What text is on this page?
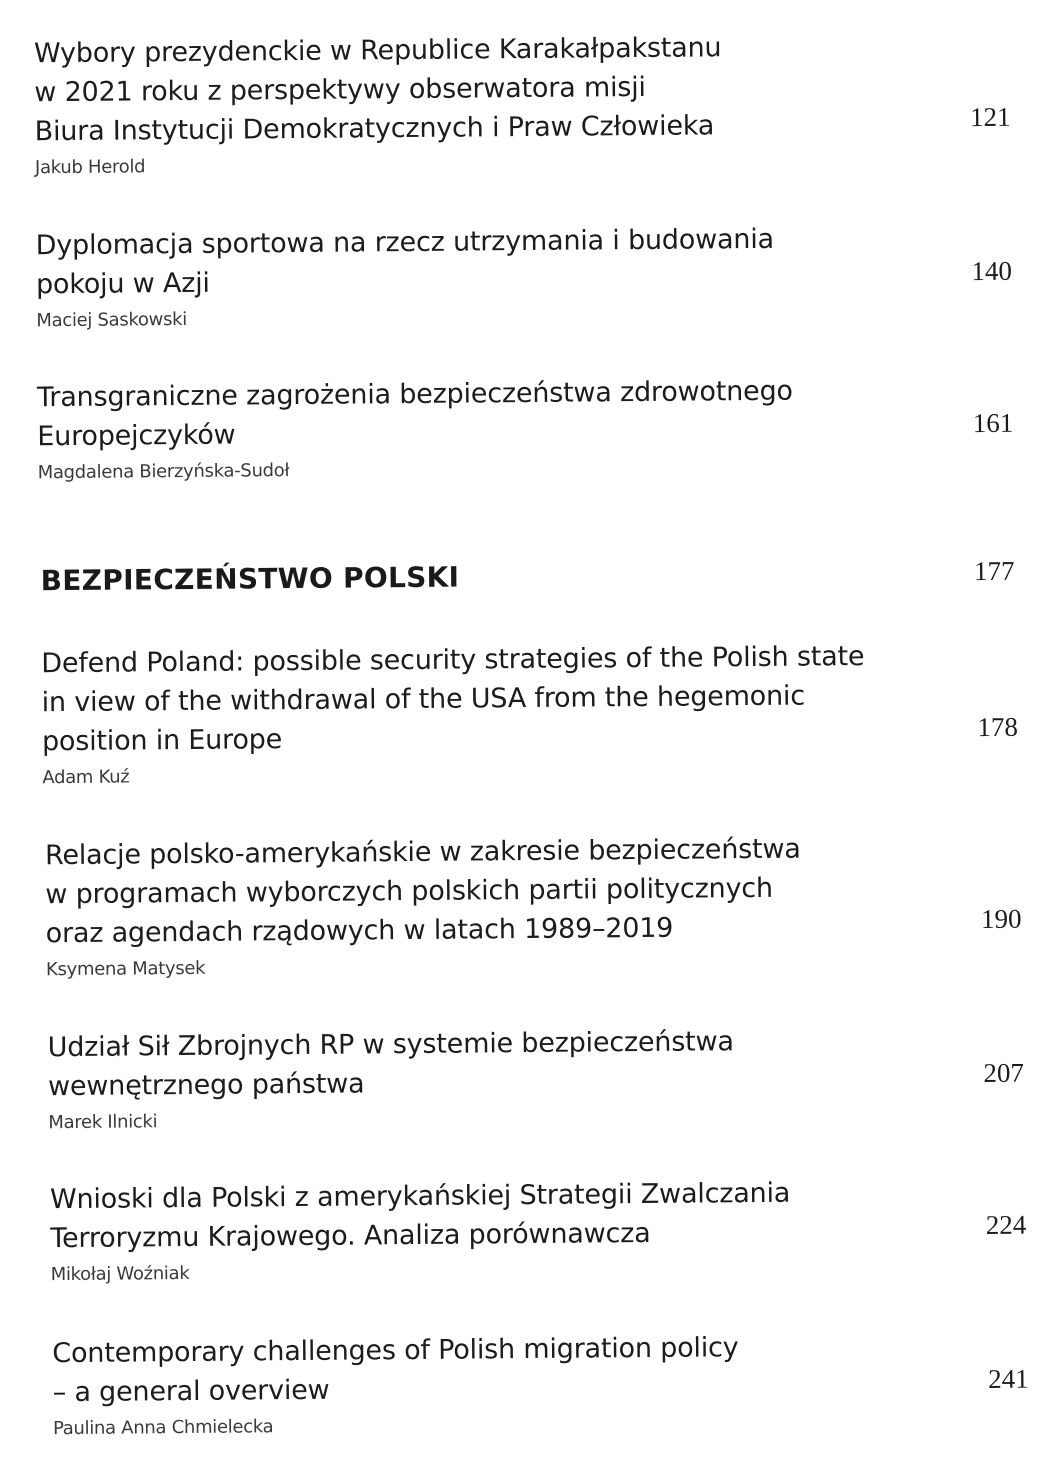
Wybory prezydenckie w Republice Karakałpakstanu
w 2021 roku z perspektywy obserwatora misji
Biura Instytucji Demokratycznych i Praw Człowieka
Jakub Herold
121
Dyplomacja sportowa na rzecz utrzymania i budowania
pokoju w Azji
Maciej Saskowski
140
Transgraniczne zagrożenia bezpieczeństwa zdrowotnego
Europejczyków
Magdalena Bierzyńska-Sudoł
161
BEZPIECZEŃSTWO POLSKI	177
Defend Poland: possible security strategies of the Polish state
in view of the withdrawal of the USA from the hegemonic
position in Europe
Adam Kuź
178
Relacje polsko-amerykańskie w zakresie bezpieczeństwa
w programach wyborczych polskich partii politycznych
oraz agendach rządowych w latach 1989–2019
Ksymena Matysek
190
Udział Sił Zbrojnych RP w systemie bezpieczeństwa
wewnętrznego państwa
Marek Ilnicki
207
Wnioski dla Polski z amerykańskiej Strategii Zwalczania
Terroryzmu Krajowego. Analiza porównawcza
Mikołaj Woźniak
224
Contemporary challenges of Polish migration policy
– a general overview
Paulina Anna Chmielecka
241
